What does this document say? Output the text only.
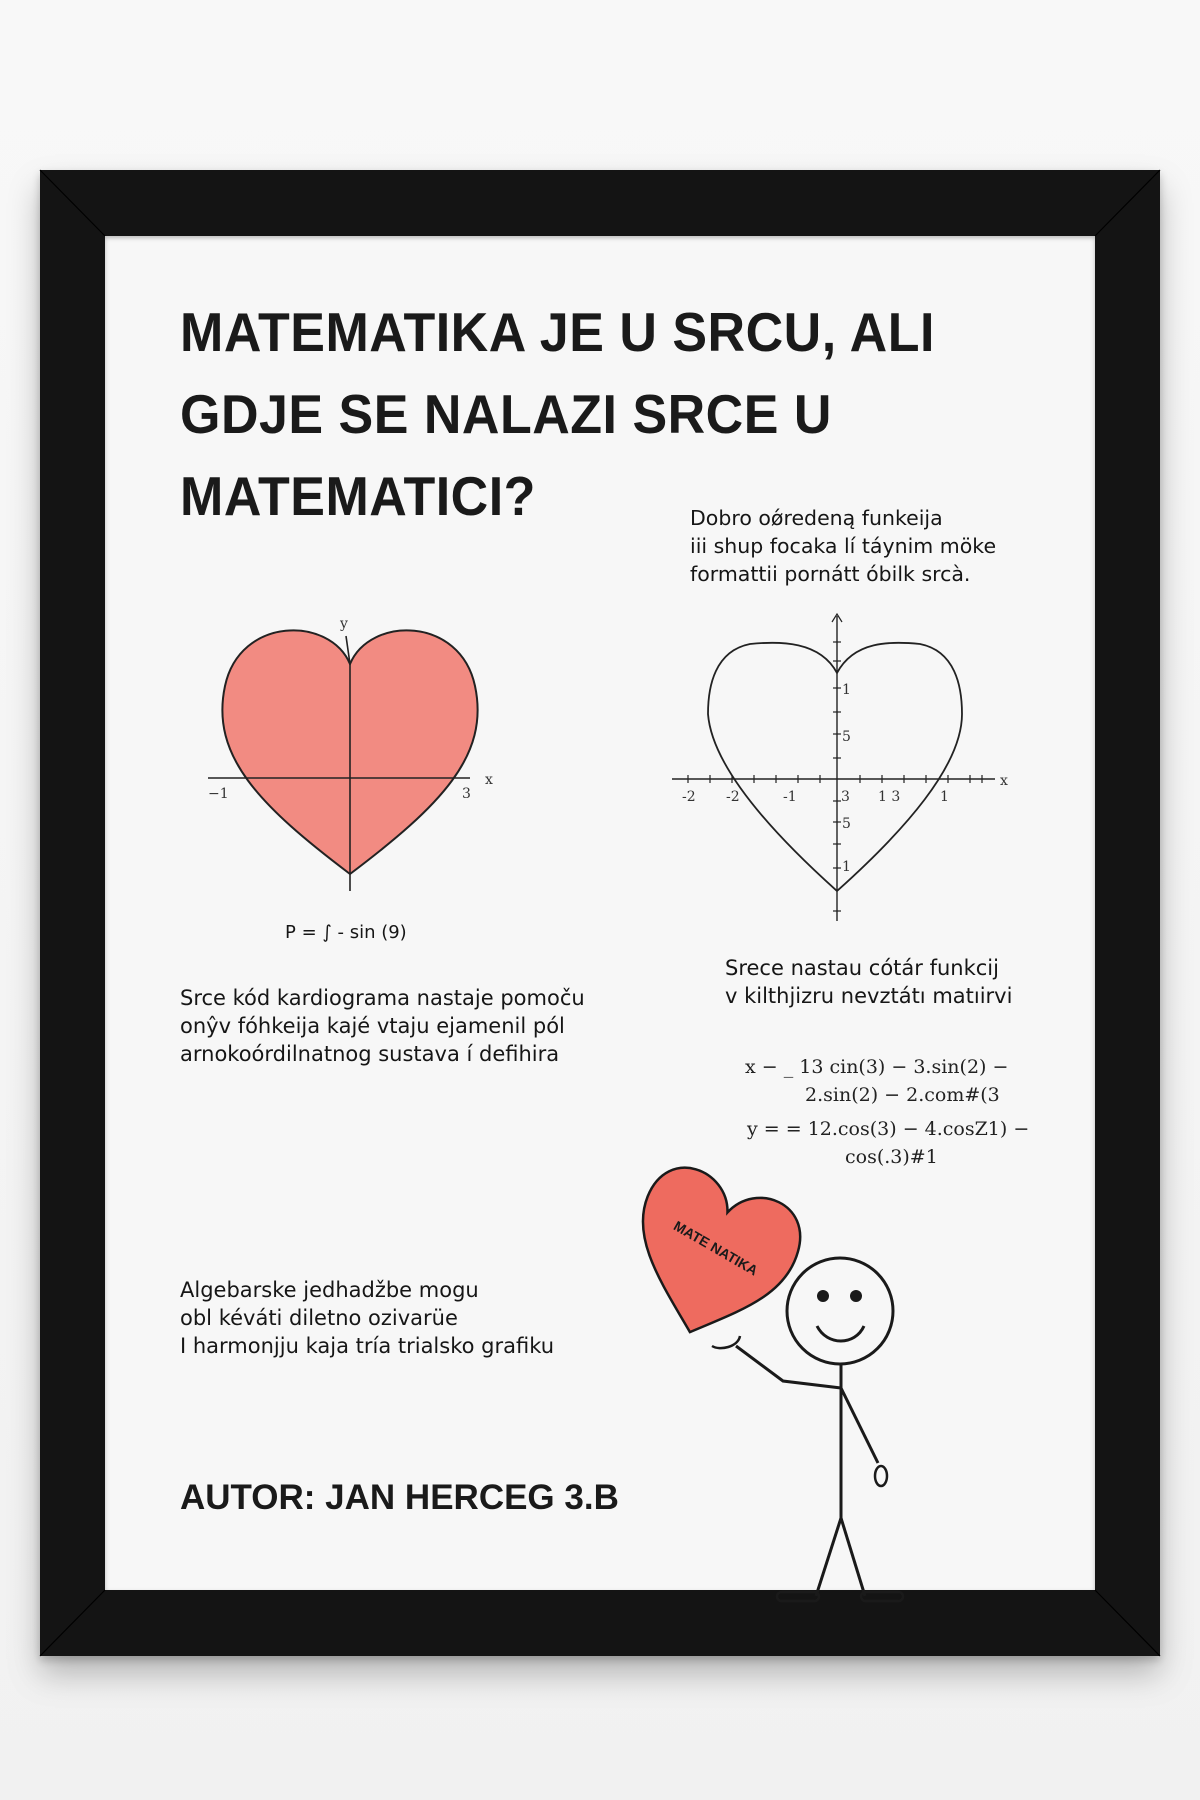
MATEMATIKA JE U SRCU, ALI
GDJE SE NALAZI SRCE U
MATEMATICI?	Dobro oǿredeną funkeija
iii shup focaka lí táynim möke
formattii pornátt óbilk srcà.
y
x
−1	3
P = ∫ - sin (9)
x
-2 -2	-1	3 1 3	1
1
5
5
1
Srce kód kardiograma nastaje pomoču
onŷv fóhkeija kajé vtaju ejamenil pól
arnokoórdilnatnog sustava í defihira
Srece nastau cótár funkcij
v kilthjizru nevztátı matıirvi
x − _ 13 cin(3) − 3.sin(2) −
2.sin(2) − 2.com#(3
y = = 12.cos(3) − 4.cosZ1) −
cos(.3)#1
Algebarske jedhadžbe mogu
obl kéváti diletno ozivarüe
I harmonjju kaja tría trialsko grafiku
MATE NATIKA
AUTOR: JAN HERCEG 3.B
